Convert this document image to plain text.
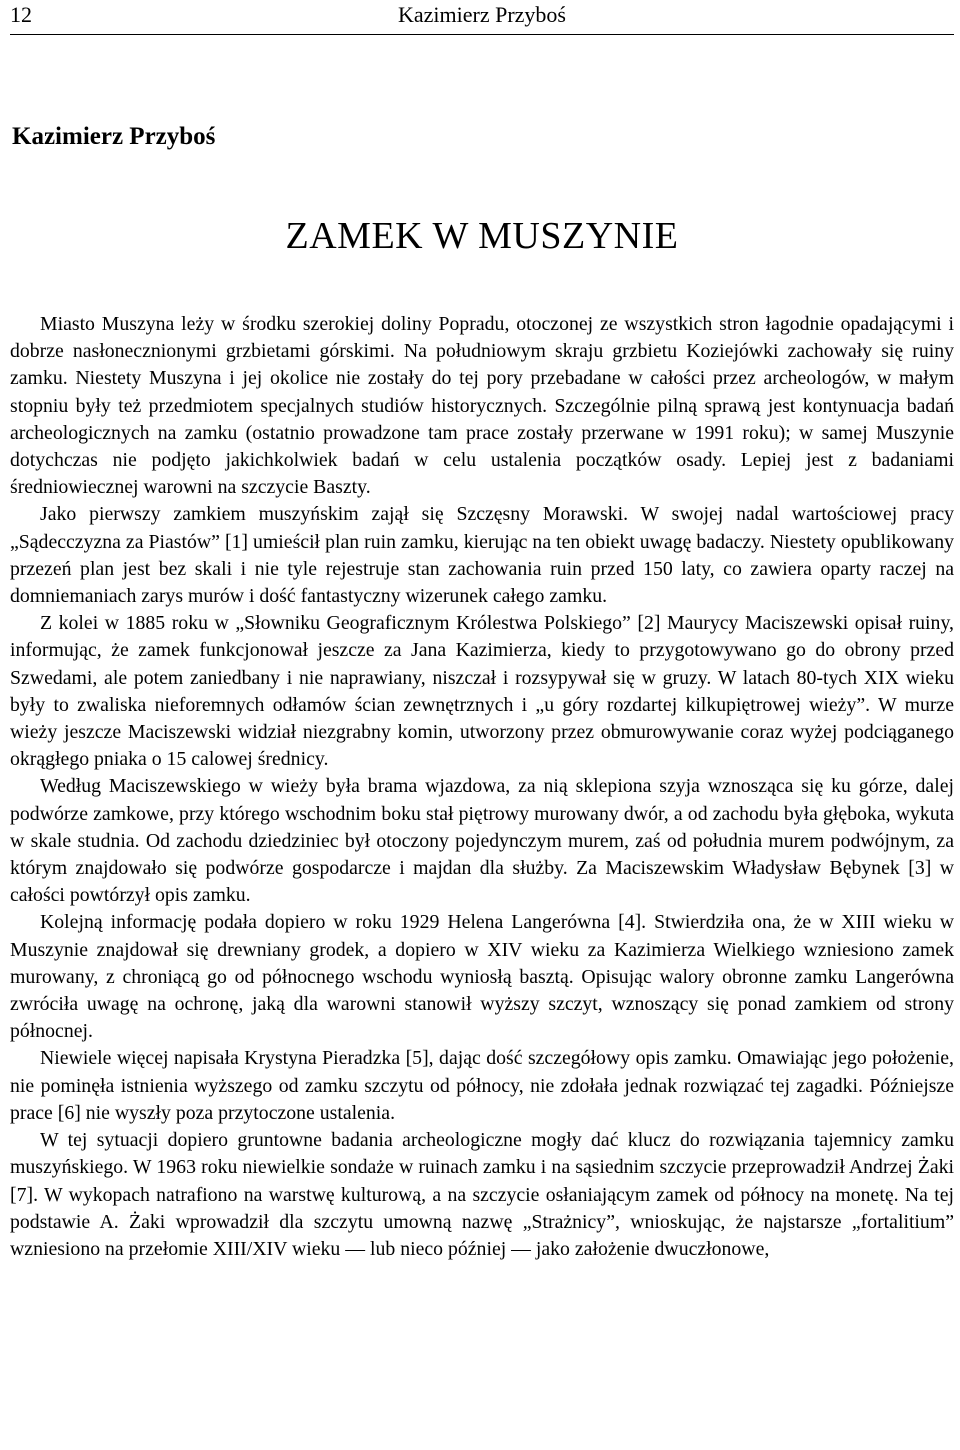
12	Kazimierz Przyboś
Kazimierz Przyboś
ZAMEK W MUSZYNIE

Miasto Muszyna leży w środku szerokiej doliny Popradu, otoczonej ze wszystkich stron łagodnie opadającymi i dobrze nasłonecznionymi grzbietami górskimi. Na południowym skraju grzbietu Koziejówki zachowały się ruiny zamku. Niestety Muszyna i jej okolice nie zostały do tej pory przebadane w całości przez archeologów, w małym stopniu były też przedmiotem specjalnych studiów historycznych. Szczególnie pilną sprawą jest kontynuacja badań archeologicznych na zamku (ostatnio prowadzone tam prace zostały przerwane w 1991 roku); w samej Muszynie dotychczas nie podjęto jakichkolwiek badań w celu ustalenia początków osady. Lepiej jest z badaniami średniowiecznej warowni na szczycie Baszty.

Jako pierwszy zamkiem muszyńskim zajął się Szczęsny Morawski. W swojej nadal wartościowej pracy „Sądecczyzna za Piastów” [1] umieścił plan ruin zamku, kierując na ten obiekt uwagę badaczy. Niestety opublikowany przezeń plan jest bez skali i nie tyle rejestruje stan zachowania ruin przed 150 laty, co zawiera oparty raczej na domniemaniach zarys murów i dość fantastyczny wizerunek całego zamku.

Z kolei w 1885 roku w „Słowniku Geograficznym Królestwa Polskiego” [2] Maurycy Maciszewski opisał ruiny, informując, że zamek funkcjonował jeszcze za Jana Kazimierza, kiedy to przygotowywano go do obrony przed Szwedami, ale potem zaniedbany i nie naprawiany, niszczał i rozsypywał się w gruzy. W latach 80-tych XIX wieku były to zwaliska nieforemnych odłamów ścian zewnętrznych i „u góry rozdartej kilkupiętrowej wieży”. W murze wieży jeszcze Maciszewski widział niezgrabny komin, utworzony przez obmurowywanie coraz wyżej podciąganego okrągłego pniaka o 15 calowej średnicy.

Według Maciszewskiego w wieży była brama wjazdowa, za nią sklepiona szyja wznosząca się ku górze, dalej podwórze zamkowe, przy którego wschodnim boku stał piętrowy murowany dwór, a od zachodu była głęboka, wykuta w skale studnia. Od zachodu dziedziniec był otoczony pojedynczym murem, zaś od południa murem podwójnym, za którym znajdowało się podwórze gospodarcze i majdan dla służby. Za Maciszewskim Władysław Bębynek [3] w całości powtórzył opis zamku.

Kolejną informację podała dopiero w roku 1929 Helena Langerówna [4]. Stwierdziła ona, że w XIII wieku w Muszynie znajdował się drewniany grodek, a dopiero w XIV wieku za Kazimierza Wielkiego wzniesiono zamek murowany, z chroniącą go od północnego wschodu wyniosłą basztą. Opisując walory obronne zamku Langerówna zwróciła uwagę na ochronę, jaką dla warowni stanowił wyższy szczyt, wznoszący się ponad zamkiem od strony północnej.

Niewiele więcej napisała Krystyna Pieradzka [5], dając dość szczegółowy opis zamku. Omawiając jego położenie, nie pominęła istnienia wyższego od zamku szczytu od północy, nie zdołała jednak rozwiązać tej zagadki. Późniejsze prace [6] nie wyszły poza przytoczone ustalenia.

W tej sytuacji dopiero gruntowne badania archeologiczne mogły dać klucz do rozwiązania tajemnicy zamku muszyńskiego. W 1963 roku niewielkie sondaże w ruinach zamku i na sąsiednim szczycie przeprowadził Andrzej Żaki [7]. W wykopach natrafiono na warstwę kulturową, a na szczycie osłaniającym zamek od północy na monetę. Na tej podstawie A. Żaki wprowadził dla szczytu umowną nazwę „Strażnicy”, wnioskując, że najstarsze „fortalitium” wzniesiono na przełomie XIII/XIV wieku — lub nieco później — jako założenie dwuczłonowe,
